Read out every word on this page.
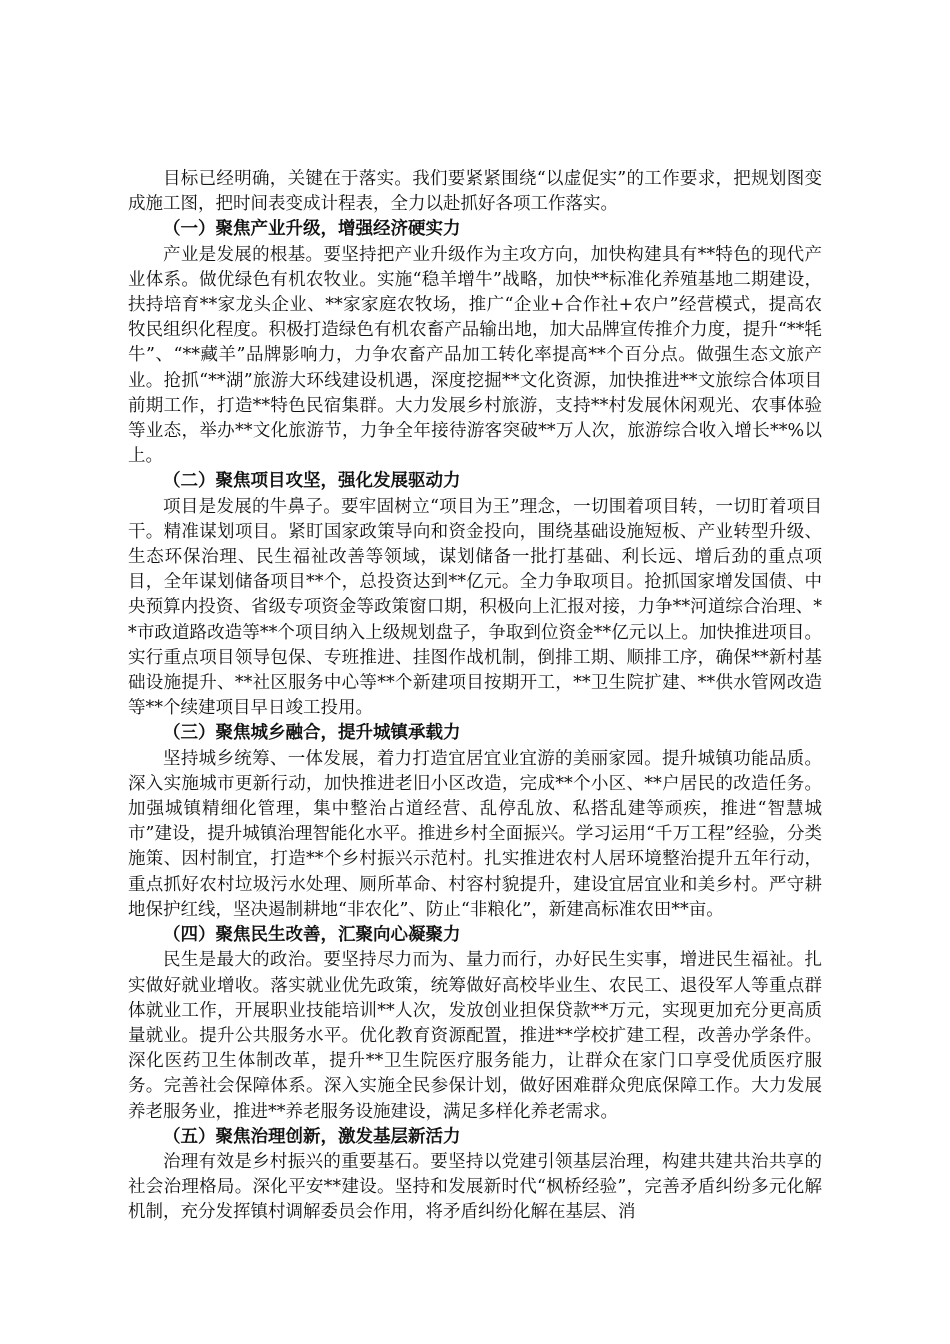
目标已经明确，关键在于落实。我们要紧紧围绕“以虚促实”的工作要求，把规划图变成施工图，把时间表变成计程表，全力以赴抓好各项工作落实。

（一）聚焦产业升级，增强经济硬实力

产业是发展的根基。要坚持把产业升级作为主攻方向，加快构建具有**特色的现代产业体系。做优绿色有机农牧业。实施“稳羊增牛”战略，加快**标准化养殖基地二期建设，扶持培育**家龙头企业、**家家庭农牧场，推广“企业+合作社+农户”经营模式，提高农牧民组织化程度。积极打造绿色有机农畜产品输出地，加大品牌宣传推介力度，提升“**牦牛”、“**藏羊”品牌影响力，力争农畜产品加工转化率提高**个百分点。做强生态文旅产业。抢抓“**湖”旅游大环线建设机遇，深度挖掘**文化资源，加快推进**文旅综合体项目前期工作，打造**特色民宿集群。大力发展乡村旅游，支持**村发展休闲观光、农事体验等业态，举办**文化旅游节，力争全年接待游客突破**万人次，旅游综合收入增长**%以上。

（二）聚焦项目攻坚，强化发展驱动力

项目是发展的牛鼻子。要牢固树立“项目为王”理念，一切围着项目转，一切盯着项目干。精准谋划项目。紧盯国家政策导向和资金投向，围绕基础设施短板、产业转型升级、生态环保治理、民生福祉改善等领域，谋划储备一批打基础、利长远、增后劲的重点项目，全年谋划储备项目**个，总投资达到**亿元。全力争取项目。抢抓国家增发国债、中央预算内投资、省级专项资金等政策窗口期，积极向上汇报对接，力争**河道综合治理、**市政道路改造等**个项目纳入上级规划盘子，争取到位资金**亿元以上。加快推进项目。实行重点项目领导包保、专班推进、挂图作战机制，倒排工期、顺排工序，确保**新村基础设施提升、**社区服务中心等**个新建项目按期开工，**卫生院扩建、**供水管网改造等**个续建项目早日竣工投用。

（三）聚焦城乡融合，提升城镇承载力

坚持城乡统筹、一体发展，着力打造宜居宜业宜游的美丽家园。提升城镇功能品质。深入实施城市更新行动，加快推进老旧小区改造，完成**个小区、**户居民的改造任务。加强城镇精细化管理，集中整治占道经营、乱停乱放、私搭乱建等顽疾，推进“智慧城市”建设，提升城镇治理智能化水平。推进乡村全面振兴。学习运用“千万工程”经验，分类施策、因村制宜，打造**个乡村振兴示范村。扎实推进农村人居环境整治提升五年行动，重点抓好农村垃圾污水处理、厕所革命、村容村貌提升，建设宜居宜业和美乡村。严守耕地保护红线，坚决遏制耕地“非农化”、防止“非粮化”，新建高标准农田**亩。

（四）聚焦民生改善，汇聚向心凝聚力

民生是最大的政治。要坚持尽力而为、量力而行，办好民生实事，增进民生福祉。扎实做好就业增收。落实就业优先政策，统筹做好高校毕业生、农民工、退役军人等重点群体就业工作，开展职业技能培训**人次，发放创业担保贷款**万元，实现更加充分更高质量就业。提升公共服务水平。优化教育资源配置，推进**学校扩建工程，改善办学条件。深化医药卫生体制改革，提升**卫生院医疗服务能力，让群众在家门口享受优质医疗服务。完善社会保障体系。深入实施全民参保计划，做好困难群众兜底保障工作。大力发展养老服务业，推进**养老服务设施建设，满足多样化养老需求。

（五）聚焦治理创新，激发基层新活力

治理有效是乡村振兴的重要基石。要坚持以党建引领基层治理，构建共建共治共享的社会治理格局。深化平安**建设。坚持和发展新时代“枫桥经验”，完善矛盾纠纷多元化解机制，充分发挥镇村调解委员会作用，将矛盾纠纷化解在基层、消
